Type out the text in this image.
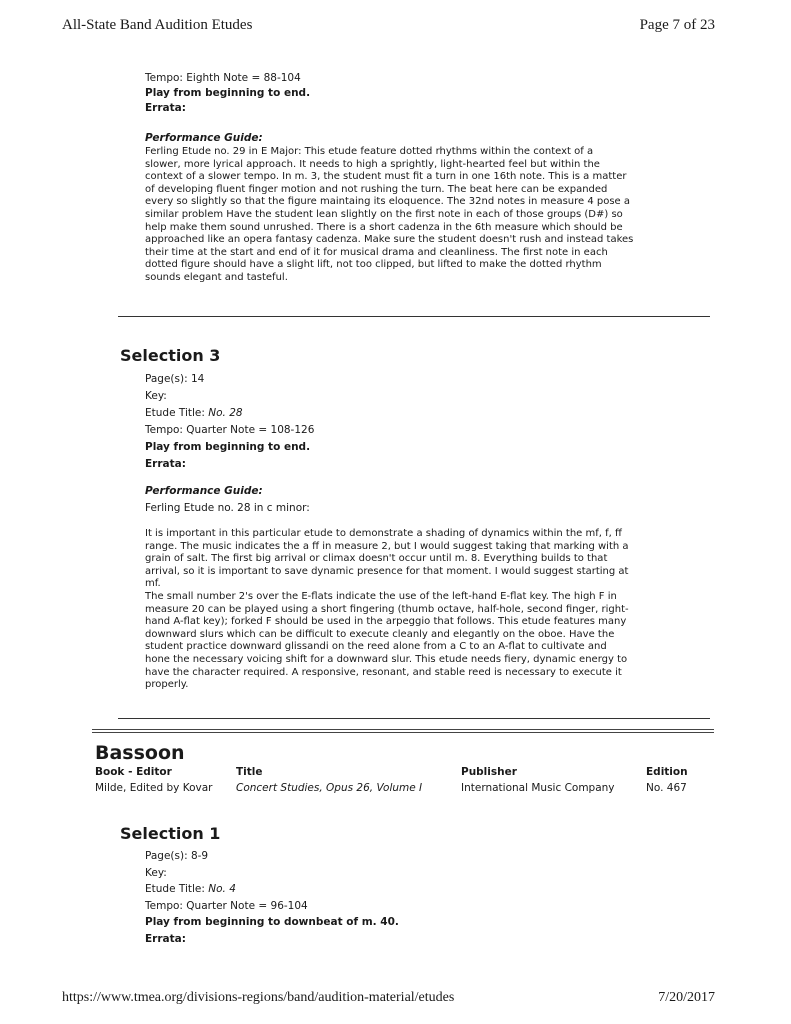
All-State Band Audition Etudes	Page 7 of 23
Tempo: Eighth Note = 88-104
Play from beginning to end.
Errata:
Performance Guide:
Ferling Etude no. 29 in E Major: This etude feature dotted rhythms within the context of a
slower, more lyrical approach. It needs to high a sprightly, light-hearted feel but within the
context of a slower tempo. In m. 3, the student must fit a turn in one 16th note. This is a matter
of developing fluent finger motion and not rushing the turn. The beat here can be expanded
every so slightly so that the figure maintaing its eloquence. The 32nd notes in measure 4 pose a
similar problem Have the student lean slightly on the first note in each of those groups (D#) so
help make them sound unrushed. There is a short cadenza in the 6th measure which should be
approached like an opera fantasy cadenza. Make sure the student doesn't rush and instead takes
their time at the start and end of it for musical drama and cleanliness. The first note in each
dotted figure should have a slight lift, not too clipped, but lifted to make the dotted rhythm
sounds elegant and tasteful.
Selection 3
Page(s): 14
Key:
Etude Title: No. 28
Tempo: Quarter Note = 108-126
Play from beginning to end.
Errata:
Performance Guide:
Ferling Etude no. 28 in c minor:
It is important in this particular etude to demonstrate a shading of dynamics within the mf, f, ff
range. The music indicates the a ff in measure 2, but I would suggest taking that marking with a
grain of salt. The first big arrival or climax doesn't occur until m. 8. Everything builds to that
arrival, so it is important to save dynamic presence for that moment. I would suggest starting at
mf.
The small number 2's over the E-flats indicate the use of the left-hand E-flat key. The high F in
measure 20 can be played using a short fingering (thumb octave, half-hole, second finger, right-
hand A-flat key); forked F should be used in the arpeggio that follows. This etude features many
downward slurs which can be difficult to execute cleanly and elegantly on the oboe. Have the
student practice downward glissandi on the reed alone from a C to an A-flat to cultivate and
hone the necessary voicing shift for a downward slur. This etude needs fiery, dynamic energy to
have the character required. A responsive, resonant, and stable reed is necessary to execute it
properly.
Bassoon
Book - Editor	Title	Publisher	Edition
Milde, Edited by Kovar	Concert Studies, Opus 26, Volume I	International Music Company	No. 467
Selection 1
Page(s): 8-9
Key:
Etude Title: No. 4
Tempo: Quarter Note = 96-104
Play from beginning to downbeat of m. 40.
Errata:
https://www.tmea.org/divisions-regions/band/audition-material/etudes	7/20/2017
